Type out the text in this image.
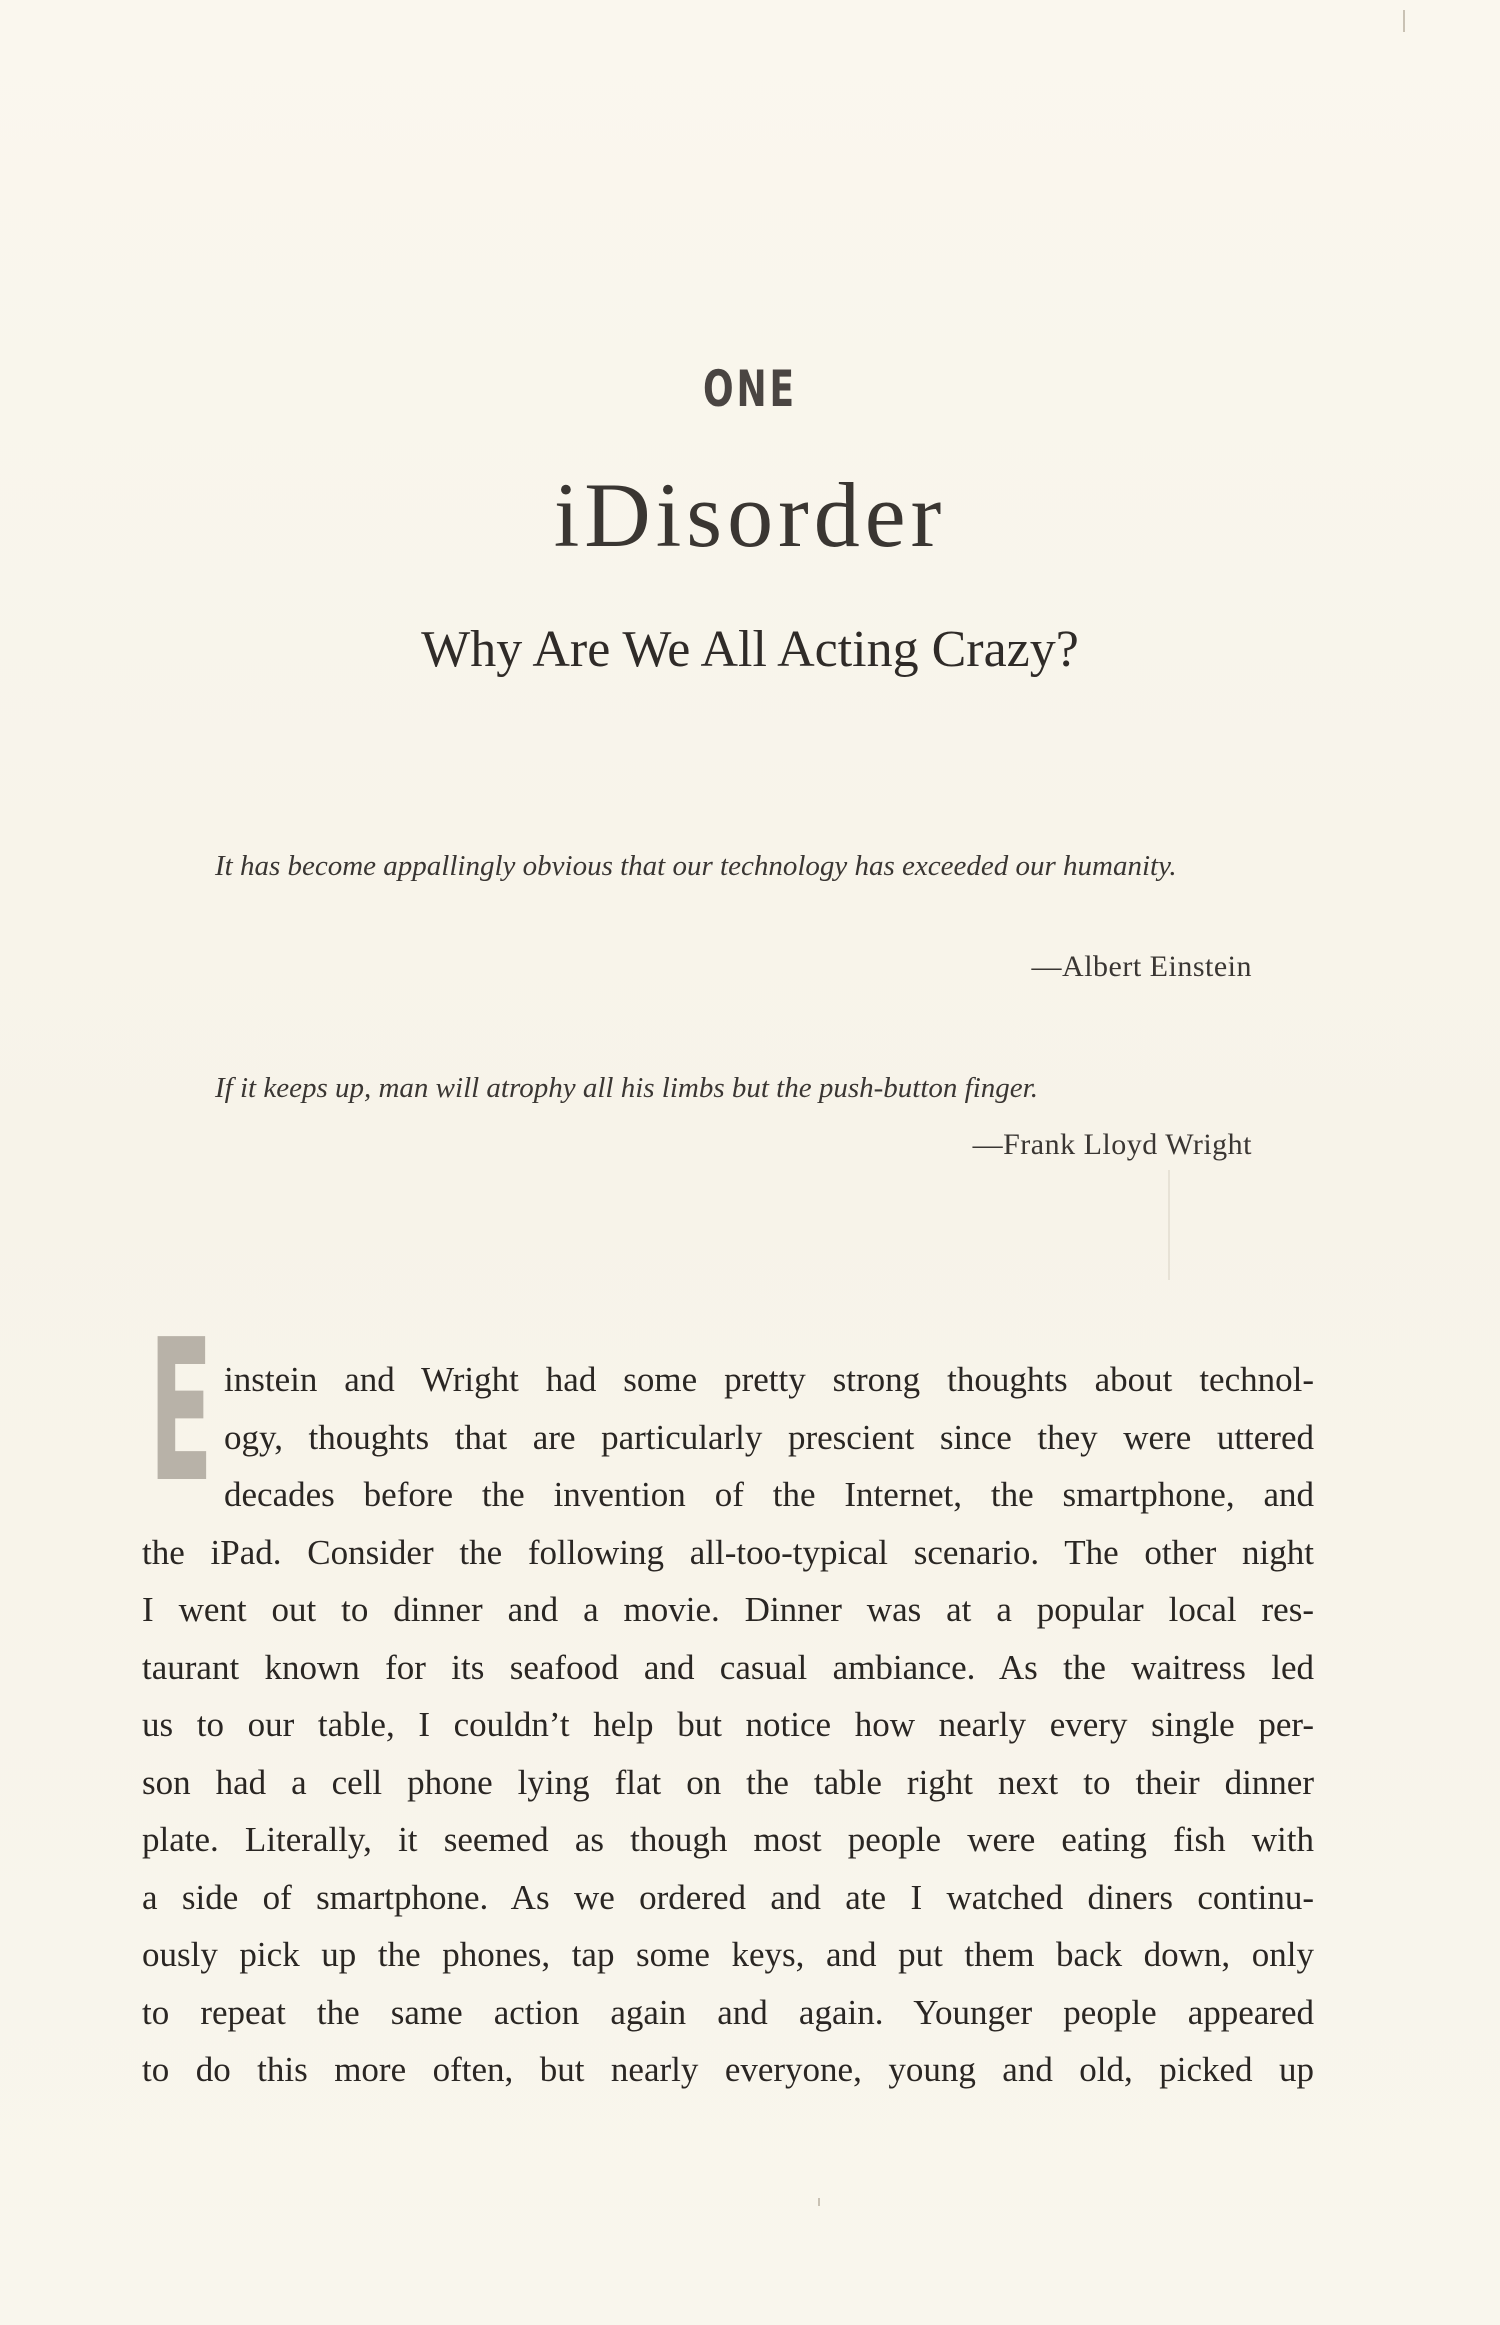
ONE
iDisorder
Why Are We All Acting Crazy?
It has become appallingly obvious that our technology has exceeded our humanity.
—Albert Einstein
If it keeps up, man will atrophy all his limbs but the push-button finger.
—Frank Lloyd Wright
E instein and Wright had some pretty strong thoughts about technol-
ogy, thoughts that are particularly prescient since they were uttered
decades before the invention of the Internet, the smartphone, and
the iPad. Consider the following all-too-typical scenario. The other night
I went out to dinner and a movie. Dinner was at a popular local res-
taurant known for its seafood and casual ambiance. As the waitress led
us to our table, I couldn’t help but notice how nearly every single per-
son had a cell phone lying flat on the table right next to their dinner
plate. Literally, it seemed as though most people were eating fish with
a side of smartphone. As we ordered and ate I watched diners continu-
ously pick up the phones, tap some keys, and put them back down, only
to repeat the same action again and again. Younger people appeared
to do this more often, but nearly everyone, young and old, picked up
